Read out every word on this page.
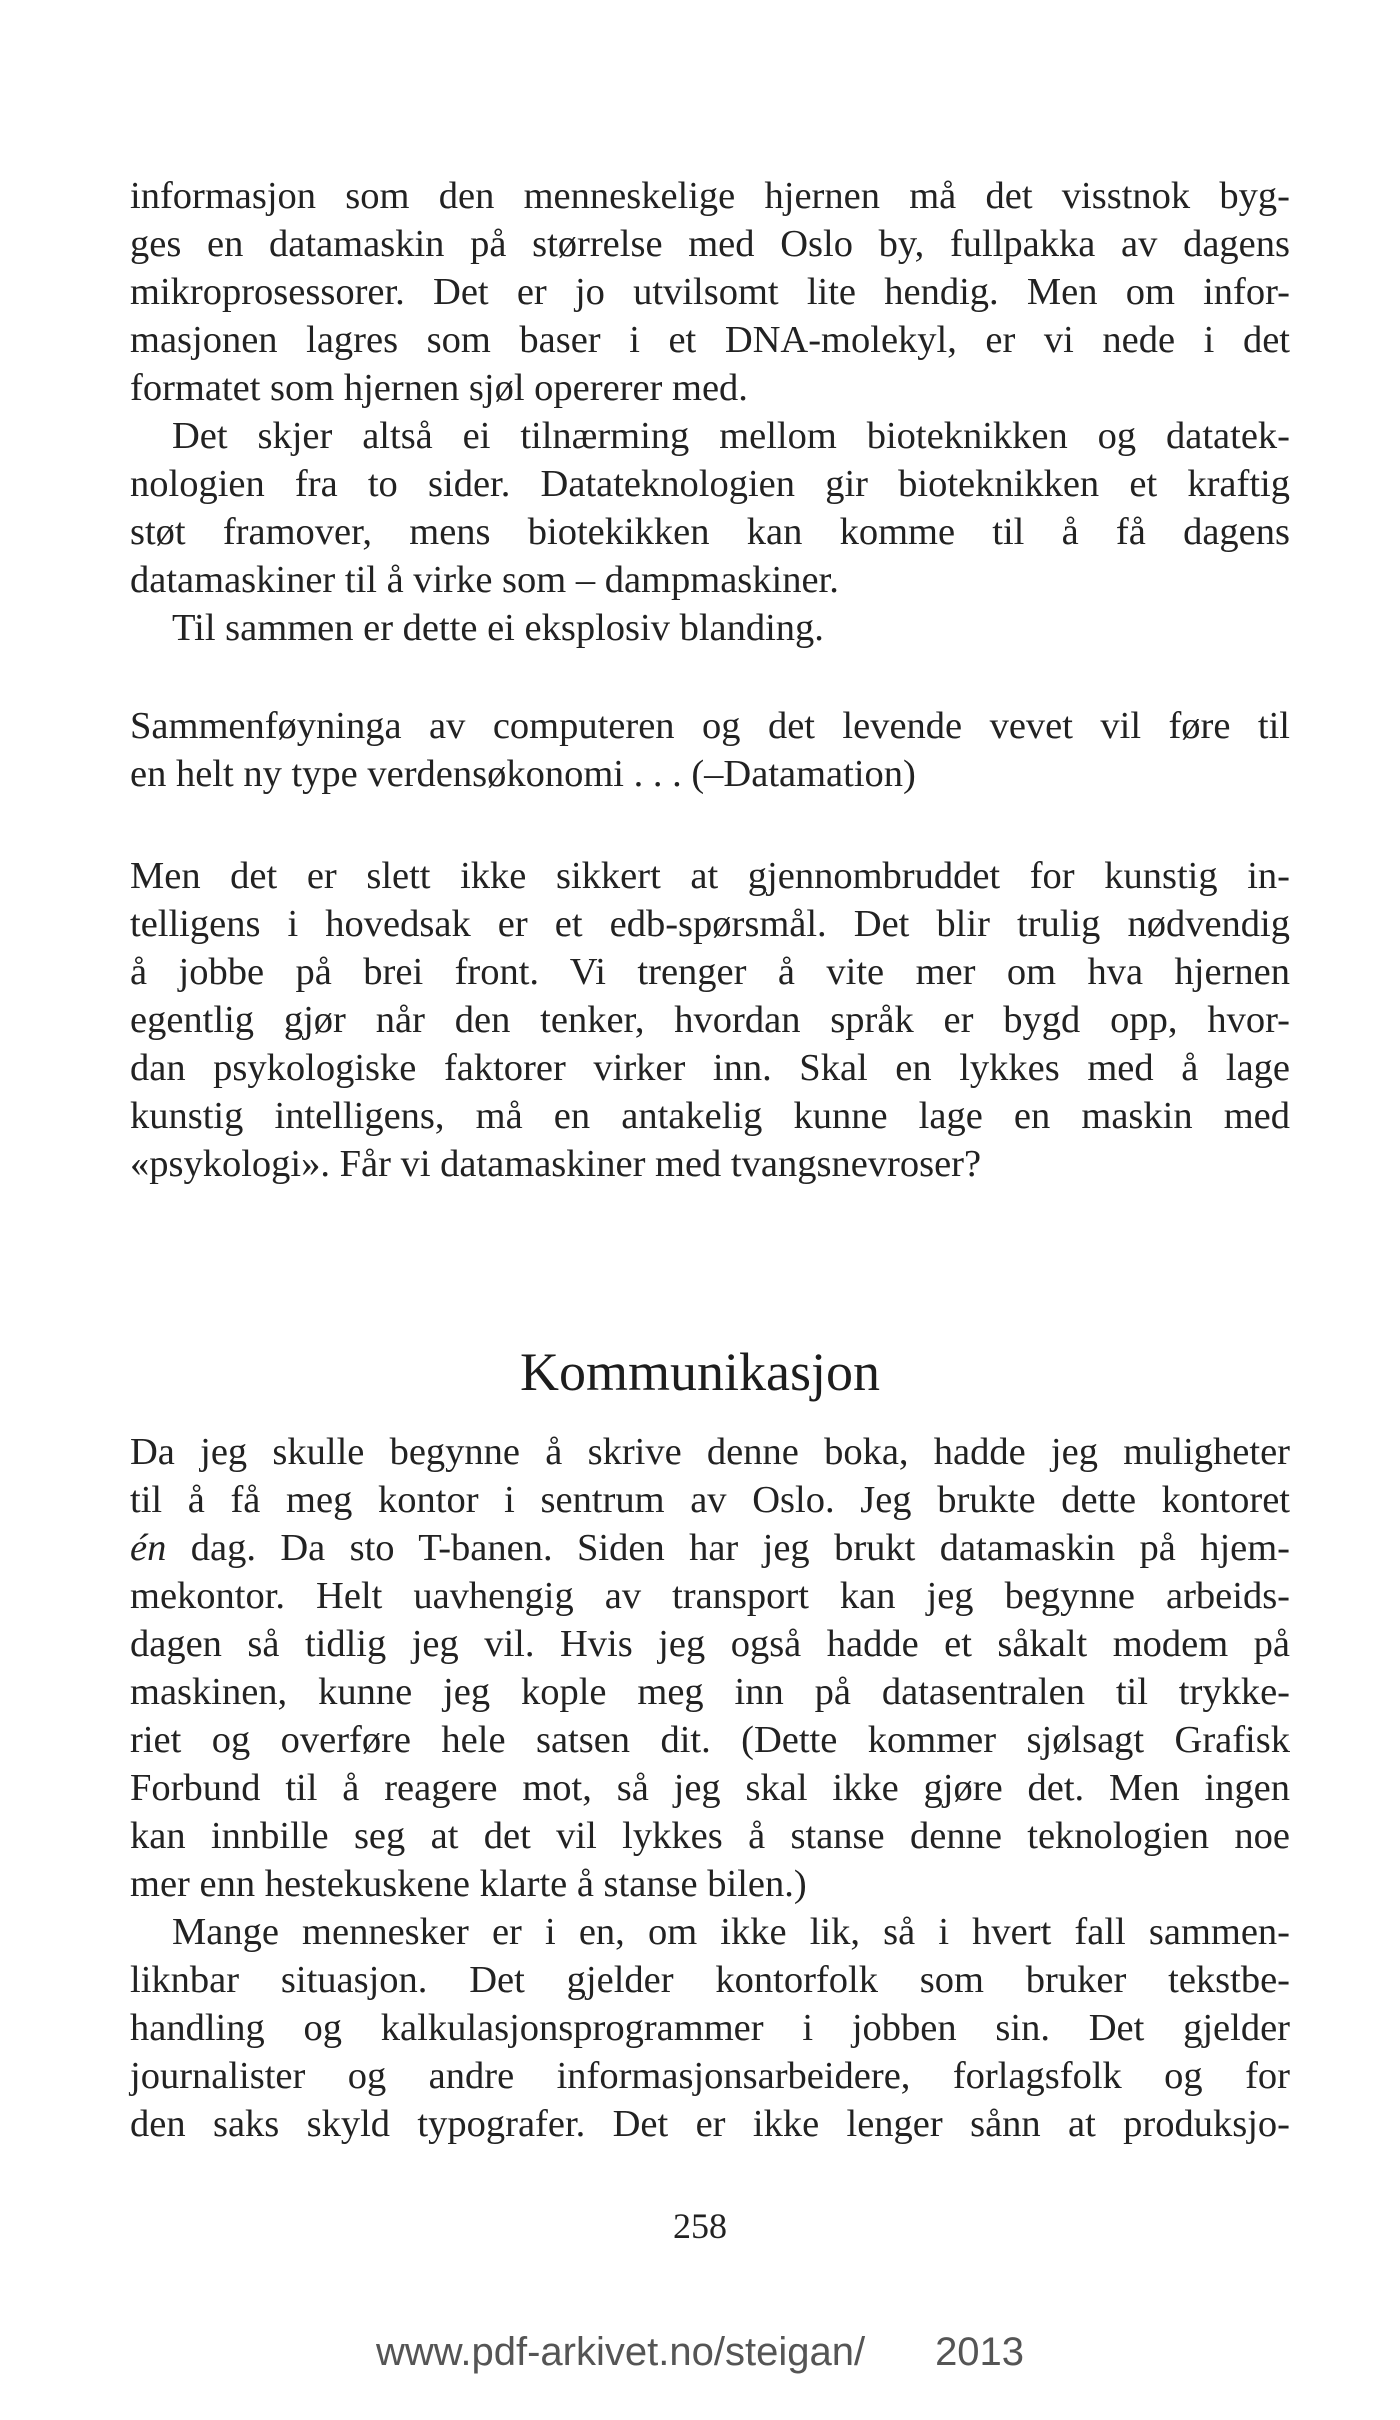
informasjon som den menneskelige hjernen må det visstnok byg-
ges en datamaskin på størrelse med Oslo by, fullpakka av dagens
mikroprosessorer. Det er jo utvilsomt lite hendig. Men om infor-
masjonen lagres som baser i et DNA-molekyl, er vi nede i det
formatet som hjernen sjøl opererer med.
Det skjer altså ei tilnærming mellom bioteknikken og datatek-
nologien fra to sider. Datateknologien gir bioteknikken et kraftig
støt framover, mens biotekikken kan komme til å få dagens
datamaskiner til å virke som – dampmaskiner.
Til sammen er dette ei eksplosiv blanding.
Sammenføyninga av computeren og det levende vevet vil føre til
en helt ny type verdensøkonomi . . . (–Datamation)
Men det er slett ikke sikkert at gjennombruddet for kunstig in-
telligens i hovedsak er et edb-spørsmål. Det blir trulig nødvendig
å jobbe på brei front. Vi trenger å vite mer om hva hjernen
egentlig gjør når den tenker, hvordan språk er bygd opp, hvor-
dan psykologiske faktorer virker inn. Skal en lykkes med å lage
kunstig intelligens, må en antakelig kunne lage en maskin med
«psykologi». Får vi datamaskiner med tvangsnevroser?
Kommunikasjon
Da jeg skulle begynne å skrive denne boka, hadde jeg muligheter
til å få meg kontor i sentrum av Oslo. Jeg brukte dette kontoret
én dag. Da sto T-banen. Siden har jeg brukt datamaskin på hjem-
mekontor. Helt uavhengig av transport kan jeg begynne arbeids-
dagen så tidlig jeg vil. Hvis jeg også hadde et såkalt modem på
maskinen, kunne jeg kople meg inn på datasentralen til trykke-
riet og overføre hele satsen dit. (Dette kommer sjølsagt Grafisk
Forbund til å reagere mot, så jeg skal ikke gjøre det. Men ingen
kan innbille seg at det vil lykkes å stanse denne teknologien noe
mer enn hestekuskene klarte å stanse bilen.)
Mange mennesker er i en, om ikke lik, så i hvert fall sammen-
liknbar situasjon. Det gjelder kontorfolk som bruker tekstbe-
handling og kalkulasjonsprogrammer i jobben sin. Det gjelder
journalister og andre informasjonsarbeidere, forlagsfolk og for
den saks skyld typografer. Det er ikke lenger sånn at produksjo-
258
www.pdf-arkivet.no/steigan/ 2013
